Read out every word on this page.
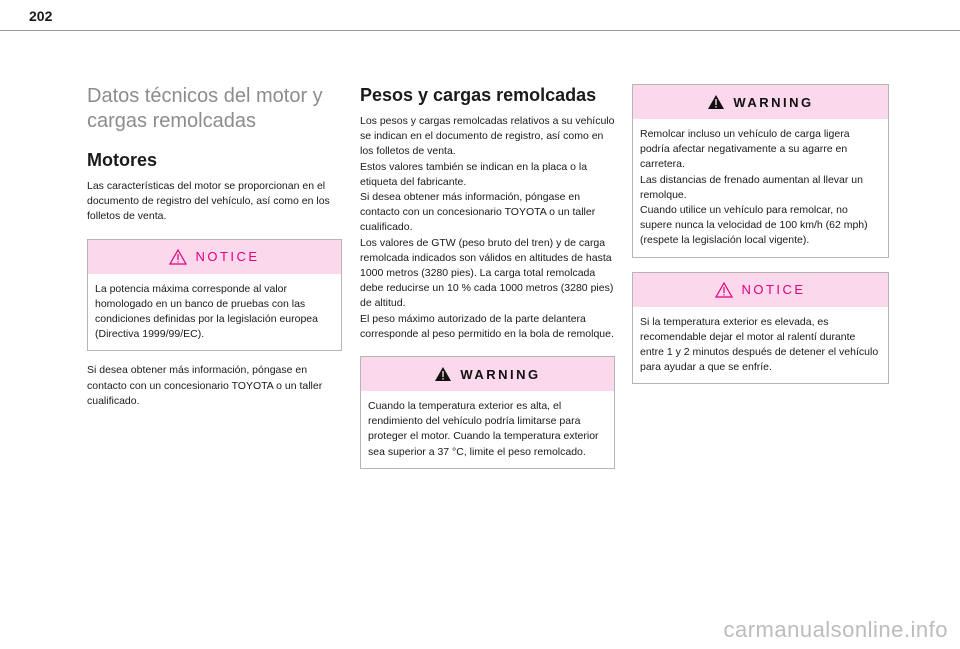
202
Datos técnicos del motor y
cargas remolcadas
Motores

Las características del motor se proporcionan en el documento de registro del vehículo, así como en los folletos de venta.

NOTICE

La potencia máxima corresponde al valor homologado en un banco de pruebas con las condiciones definidas por la legislación europea (Directiva 1999/99/EC).

Si desea obtener más información, póngase en contacto con un concesionario TOYOTA o un taller cualificado.

Pesos y cargas remolcadas

Los pesos y cargas remolcadas relativos a su vehículo se indican en el documento de registro, así como en los folletos de venta.

Estos valores también se indican en la placa o la etiqueta del fabricante.

Si desea obtener más información, póngase en contacto con un concesionario TOYOTA o un taller cualificado.

Los valores de GTW (peso bruto del tren) y de carga remolcada indicados son válidos en altitudes de hasta 1000 metros (3280 pies). La carga total remolcada debe reducirse un 10 % cada 1000 metros (3280 pies) de altitud.

El peso máximo autorizado de la parte delantera corresponde al peso permitido en la bola de remolque.

WARNING

Cuando la temperatura exterior es alta, el rendimiento del vehículo podría limitarse para proteger el motor. Cuando la temperatura exterior sea superior a 37 °C, limite el peso remolcado.

WARNING

Remolcar incluso un vehículo de carga ligera podría afectar negativamente a su agarre en carretera.

Las distancias de frenado aumentan al llevar un remolque.

Cuando utilice un vehículo para remolcar, no supere nunca la velocidad de 100 km/h (62 mph) (respete la legislación local vigente).

NOTICE

Si la temperatura exterior es elevada, es recomendable dejar el motor al ralentí durante entre 1 y 2 minutos después de detener el vehículo para ayudar a que se enfríe.

carmanualsonline.info
